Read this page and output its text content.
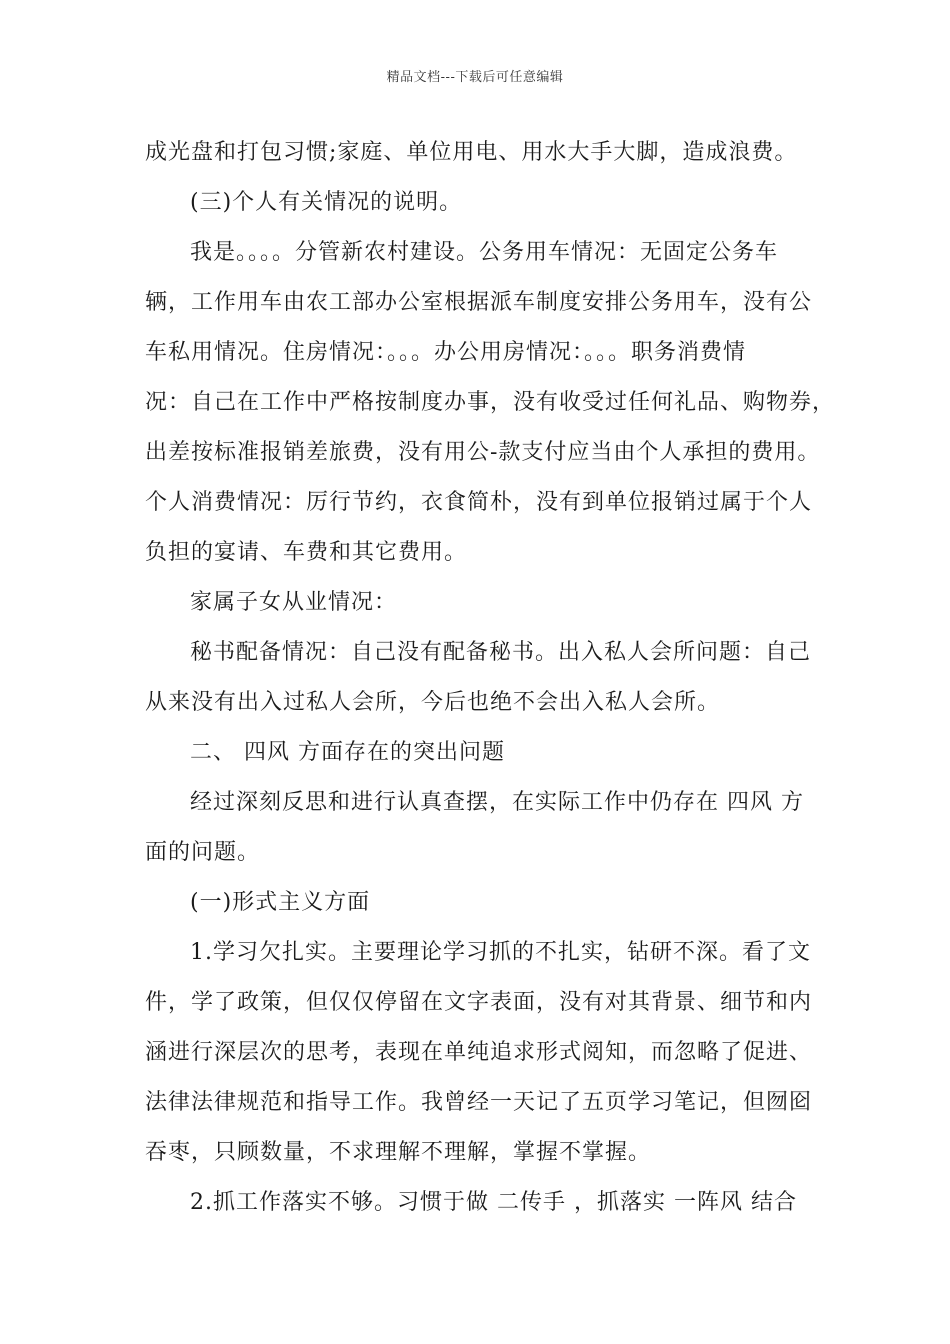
精品文档---下载后可任意编辑
成光盘和打包习惯;家庭、单位用电、用水大手大脚，造成浪费。
(三)个人有关情况的说明。
我是。。。。分管新农村建设。公务用车情况：无固定公务车
辆，工作用车由农工部办公室根据派车制度安排公务用车，没有公
车私用情况。住房情况：。。。办公用房情况：。。。职务消费情
况：自己在工作中严格按制度办事，没有收受过任何礼品、购物券，
出差按标准报销差旅费，没有用公-款支付应当由个人承担的费用。
个人消费情况：厉行节约，衣食简朴，没有到单位报销过属于个人
负担的宴请、车费和其它费用。
家属子女从业情况：
秘书配备情况：自己没有配备秘书。出入私人会所问题：自己
从来没有出入过私人会所，今后也绝不会出入私人会所。
二、 四风 方面存在的突出问题
经过深刻反思和进行认真查摆，在实际工作中仍存在 四风 方
面的问题。
(一)形式主义方面
1.学习欠扎实。主要理论学习抓的不扎实，钻研不深。看了文
件，学了政策，但仅仅停留在文字表面，没有对其背景、细节和内
涵进行深层次的思考，表现在单纯追求形式阅知，而忽略了促进、
法律法律规范和指导工作。我曾经一天记了五页学习笔记，但囫囵
吞枣，只顾数量，不求理解不理解，掌握不掌握。
2.抓工作落实不够。习惯于做 二传手 ，抓落实 一阵风 结合
